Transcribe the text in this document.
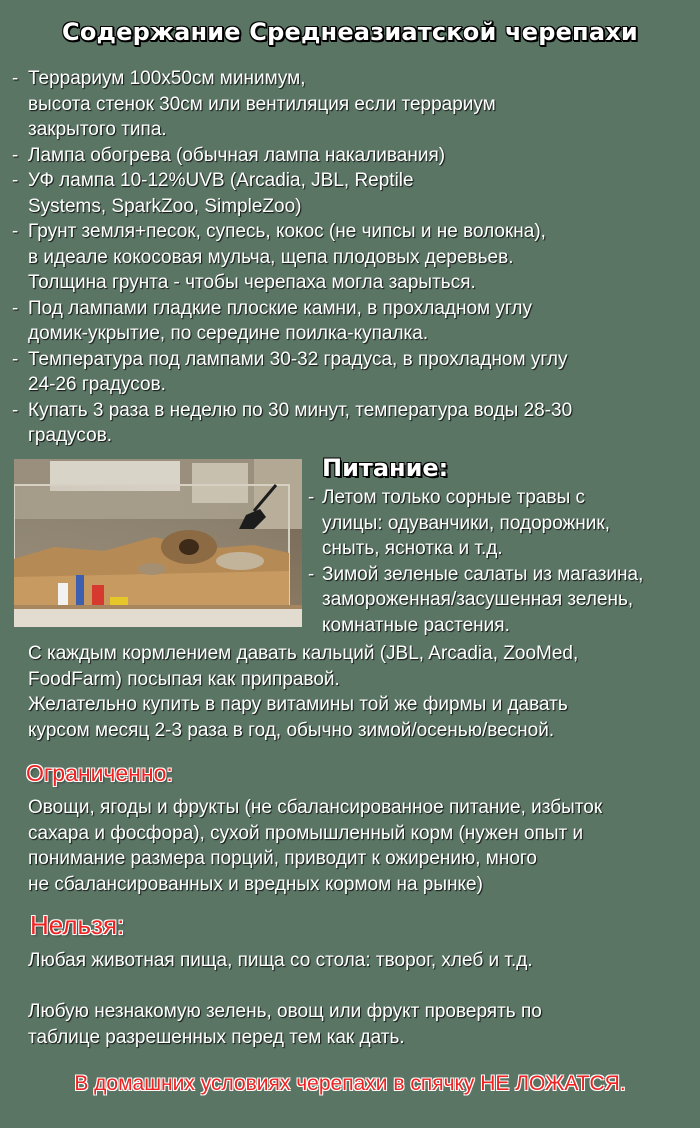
Содержание Среднеазиатской черепахи
- Террариум 100х50см минимум,
высота стенок 30см или вентиляция если террариум
закрытого типа.
- Лампа обогрева (обычная лампа накаливания)
- УФ лампа 10-12%UVB (Arcadia, JBL, Reptile
Systems, SparkZoo, SimpleZoo)
- Грунт земля+песок, супесь, кокос (не чипсы и не волокна),
в идеале кокосовая мульча, щепа плодовых деревьев.
Толщина грунта - чтобы черепаха могла зарыться.
- Под лампами гладкие плоские камни, в прохладном углу
домик-укрытие, по середине поилка-купалка.
- Температура под лампами 30-32 градуса, в прохладном углу
24-26 градусов.
- Купать 3 раза в неделю по 30 минут, температура воды 28-30
градусов.
Питание:
- Летом только сорные травы с
улицы: одуванчики, подорожник,
сныть, яснотка и т.д.
- Зимой зеленые салаты из магазина,
замороженная/засушенная зелень,
комнатные растения.
С каждым кормлением давать кальций (JBL, Arcadia, ZooMed,
FoodFarm) посыпая как приправой.
Желательно купить в пару витамины той же фирмы и давать
курсом месяц 2-3 раза в год, обычно зимой/осенью/весной.
Ограниченно:
Овощи, ягоды и фрукты (не сбалансированное питание, избыток
сахара и фосфора), сухой промышленный корм (нужен опыт и
понимание размера порций, приводит к ожирению, много
не сбалансированных и вредных кормом на рынке)
Нельзя:
Любая животная пища, пища со стола: творог, хлеб и т.д.
Любую незнакомую зелень, овощ или фрукт проверять по
таблице разрешенных перед тем как дать.
В домашних условиях черепахи в спячку НЕ ЛОЖАТСЯ.
